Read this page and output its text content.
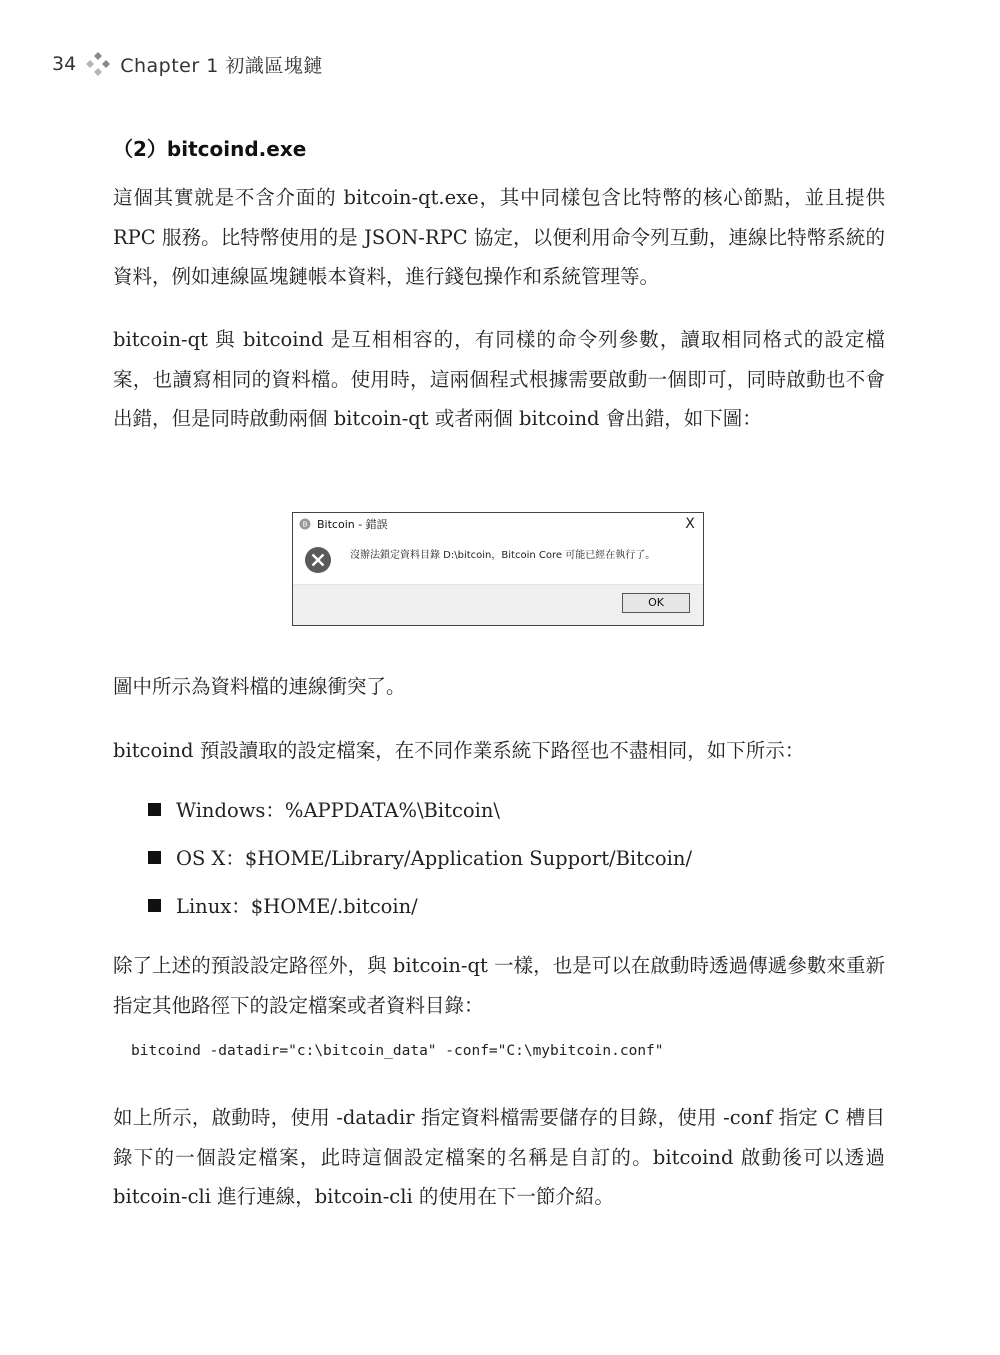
34 Chapter 1 初識區塊鏈
（2）bitcoind.exe
這個其實就是不含介面的 bitcoin-qt.exe，其中同樣包含比特幣的核心節點，並且提供 RPC 服務。比特幣使用的是 JSON-RPC 協定，以便利用命令列互動，連線比特幣系統的資料，例如連線區塊鏈帳本資料，進行錢包操作和系統管理等。
bitcoin-qt 與 bitcoind 是互相相容的，有同樣的命令列參數，讀取相同格式的設定檔案，也讀寫相同的資料檔。使用時，這兩個程式根據需要啟動一個即可，同時啟動也不會出錯，但是同時啟動兩個 bitcoin-qt 或者兩個 bitcoind 會出錯，如下圖：
B Bitcoin - 錯誤	X
沒辦法鎖定資料目錄 D:\bitcoin，Bitcoin Core 可能已經在執行了。
OK
圖中所示為資料檔的連線衝突了。
bitcoind 預設讀取的設定檔案，在不同作業系統下路徑也不盡相同，如下所示：
Windows：%APPDATA%\Bitcoin\
OS X：$HOME/Library/Application Support/Bitcoin/
Linux：$HOME/.bitcoin/
除了上述的預設設定路徑外，與 bitcoin-qt 一樣，也是可以在啟動時透過傳遞參數來重新指定其他路徑下的設定檔案或者資料目錄：
bitcoind -datadir="c:\bitcoin_data" -conf="C:\mybitcoin.conf"
如上所示，啟動時，使用 -datadir 指定資料檔需要儲存的目錄，使用 -conf 指定 C 槽目錄下的一個設定檔案，此時這個設定檔案的名稱是自訂的。bitcoind 啟動後可以透過 bitcoin-cli 進行連線，bitcoin-cli 的使用在下一節介紹。
